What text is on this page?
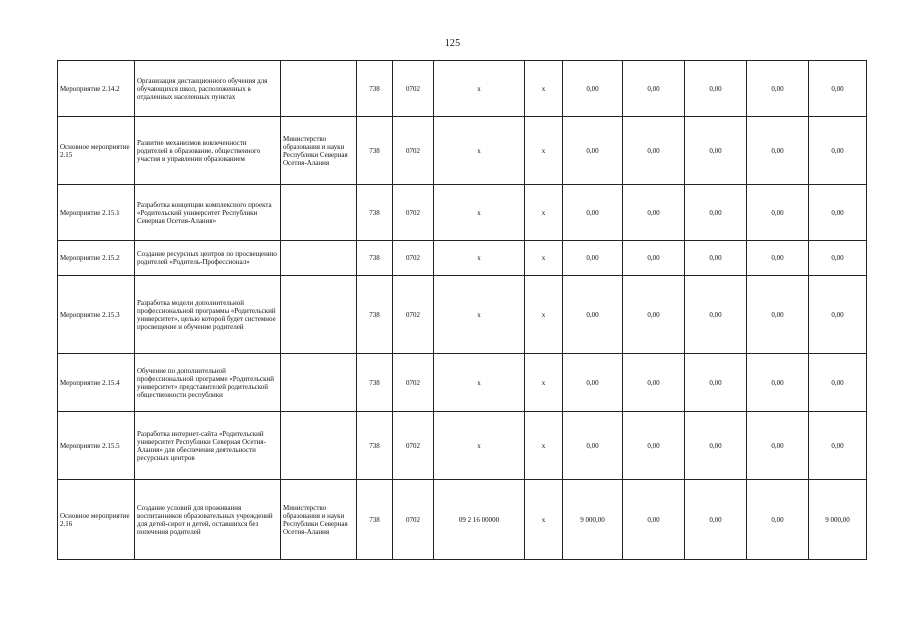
125
Мероприятие 2.14.2	Организация дистанционного обучения для обучающихся школ, расположенных в отдаленных населенных пунктах		738	0702	х	х	0,00	0,00	0,00	0,00	0,00
Основное мероприятие 2.15	Развитие механизмов вовлеченности родителей в образование, общественного участия в управлении образованием	Министерство образования и науки Республики Северная Осетия-Алания	738	0702	х	х	0,00	0,00	0,00	0,00	0,00
Мероприятие 2.15.1	Разработка концепции комплексного проекта «Родительский университет Республики Северная Осетия-Алания»		738	0702	х	х	0,00	0,00	0,00	0,00	0,00
Мероприятие 2.15.2	Создание ресурсных центров по просвещению родителей «Родитель-Профессионал»		738	0702	х	х	0,00	0,00	0,00	0,00	0,00
Мероприятие 2.15.3	Разработка модели дополнительной профессиональной программы «Родительский университет», целью которой будет системное просвещение и обучение родителей		738	0702	х	х	0,00	0,00	0,00	0,00	0,00
Мероприятие 2.15.4	Обучение по дополнительной профессиональной программе «Родительский университет» представителей родительской общественности республики		738	0702	х	х	0,00	0,00	0,00	0,00	0,00
Мероприятие 2.15.5	Разработка интернет-сайта «Родительский университет Республики Северная Осетия-Алания» для обеспечения деятельности ресурсных центров		738	0702	х	х	0,00	0,00	0,00	0,00	0,00
Основное мероприятие 2.16	Создание условий для проживания воспитанников образовательных учреждений для детей-сирот и детей, оставшихся без попечения родителей	Министерство образования и науки Республики Северная Осетия-Алания	738	0702	09 2 16 00000	х	9 000,00	0,00	0,00	0,00	9 000,00
